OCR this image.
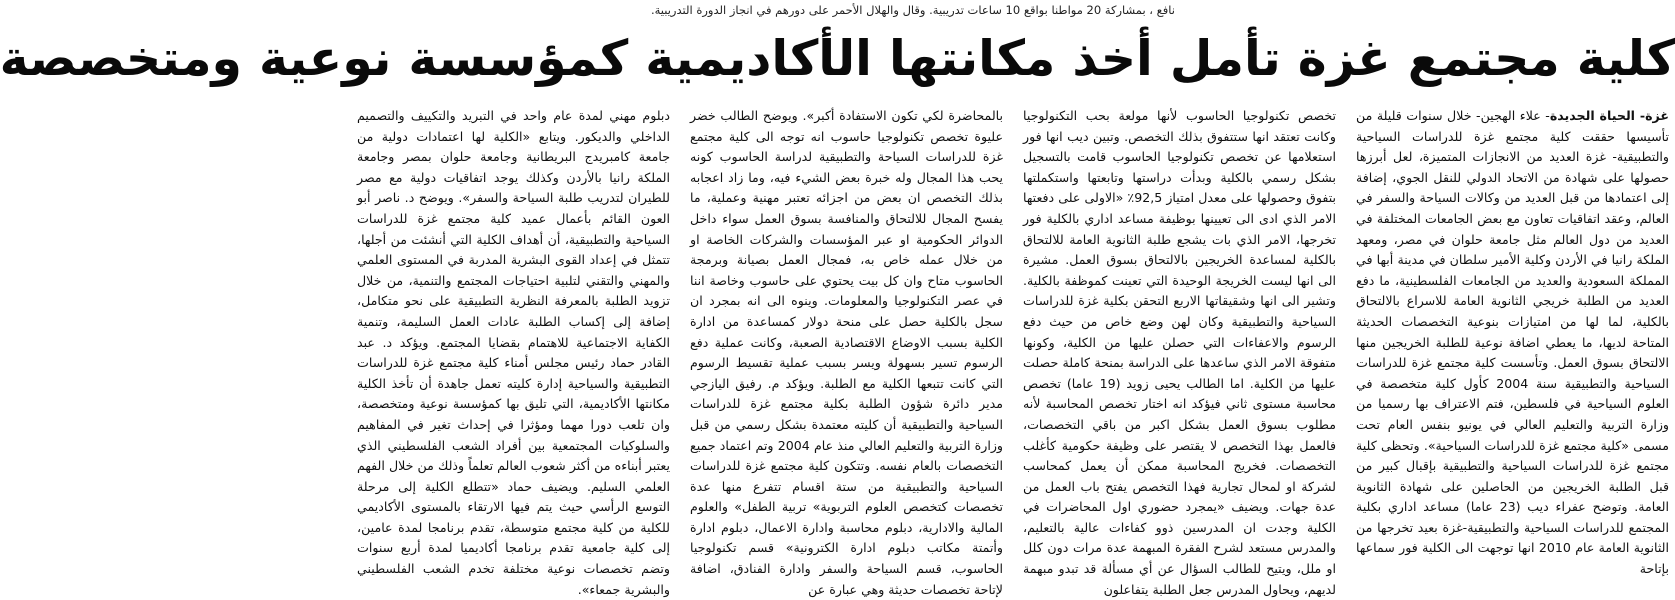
نافع ، بمشاركة 20 مواطنا بواقع 10 ساعات تدريبية. وقال والهلال الأحمر على دورهم في انجاز الدورة التدريبية.
كلية مجتمع غزة تأمل أخذ مكانتها الأكاديمية كمؤسسة نوعية ومتخصصة

غزة- الحياة الجديدة- علاء الهجين- خلال سنوات قليلة من تأسيسها حققت كلية مجتمع غزة للدراسات السياحية والتطبيقية- غزة العديد من الانجازات المتميزة، لعل أبرزها حصولها على شهادة من الاتحاد الدولي للنقل الجوي، إضافة إلى اعتمادها من قبل العديد من وكالات السياحة والسفر في العالم، وعقد اتفاقيات تعاون مع بعض الجامعات المختلفة في العديد من دول العالم مثل جامعة حلوان في مصر، ومعهد الملكة رانيا في الأردن وكلية الأمير سلطان في مدينة أبها في المملكة السعودية والعديد من الجامعات الفلسطينية، ما دفع العديد من الطلبة خريجي الثانوية العامة للاسراع بالالتحاق بالكلية، لما لها من امتيازات بنوعية التخصصات الحديثة المتاحة لديها، ما يعطي اضافة نوعية للطلبة الخريجين منها الالتحاق بسوق العمل. وتأسست كلية مجتمع غزة للدراسات السياحية والتطبيقية سنة 2004 كأول كلية متخصصة في العلوم السياحية في فلسطين، فتم الاعتراف بها رسميا من وزارة التربية والتعليم العالي في يونيو بنفس العام تحت مسمى «كلية مجتمع غزة للدراسات السياحية». وتحظى كلية مجتمع غزة للدراسات السياحية والتطبيقية بإقبال كبير من قبل الطلبة الخريجين من الحاصلين على شهادة الثانوية العامة. وتوضح عفراء ديب (23 عاما) مساعد اداري بكلية المجتمع للدراسات السياحية والتطبيقية-غزة بعيد تخرجها من الثانوية العامة عام 2010 انها توجهت الى الكلية فور سماعها بإتاحة

تخصص تكنولوجيا الحاسوب لأنها مولعة بحب التكنولوجيا وكانت تعتقد انها ستتفوق بذلك التخصص. وتبين ديب انها فور استعلامها عن تخصص تكنولوجيا الحاسوب قامت بالتسجيل بشكل رسمي بالكلية وبدأت دراستها وتابعتها واستكملتها بتفوق وحصولها على معدل امتياز 92,5٪ «الاولى على دفعتها الامر الذي ادى الى تعيينها بوظيفة مساعد اداري بالكلية فور تخرجها، الامر الذي بات يشجع طلبة الثانوية العامة للالتحاق بالكلية لمساعدة الخريجين بالالتحاق بسوق العمل. مشيرة الى انها ليست الخريجة الوحيدة التي تعينت كموظفة بالكلية. وتشير الى انها وشقيقاتها الاربع التحقن بكلية غزة للدراسات السياحية والتطبيقية وكان لهن وضع خاص من حيث دفع الرسوم والاعفاءات التي حصلن عليها من الكلية، وكونها متفوقة الامر الذي ساعدها على الدراسة بمنحة كاملة حصلت عليها من الكلية. اما الطالب يحيى زويد (19 عاما) تخصص محاسبة مستوى ثاني فيؤكد انه اختار تخصص المحاسبة لأنه مطلوب بسوق العمل بشكل اكبر من باقي التخصصات، فالعمل بهذا التخصص لا يقتصر على وظيفة حكومية كأغلب التخصصات. فخريج المحاسبة ممكن أن يعمل كمحاسب لشركة او لمحال تجارية فهذا التخصص يفتح باب العمل من عدة جهات. ويضيف «يمجرد حضوري اول المحاضرات في الكلية وجدت ان المدرسين ذوو كفاءات عالية بالتعليم، والمدرس مستعد لشرح الفقرة المبهمة عدة مرات دون كلل او ملل، ويتيح للطالب السؤال عن أي مسألة قد تبدو مبهمة لديهم، ويحاول المدرس جعل الطلبة يتفاعلون

بالمحاضرة لكي تكون الاستفادة أكبر». ويوضح الطالب خضر عليوة تخصص تكنولوجيا حاسوب انه توجه الى كلية مجتمع غزة للدراسات السياحة والتطبيقية لدراسة الحاسوب كونه يحب هذا المجال وله خبرة بعض الشيء فيه، وما زاد اعجابه بذلك التخصص ان بعض من اجزائه تعتبر مهنية وعملية، ما يفسح المجال للالتحاق والمنافسة بسوق العمل سواء داخل الدوائر الحكومية او عبر المؤسسات والشركات الخاصة او من خلال عمله خاص به، فمجال العمل بصيانة وبرمجة الحاسوب متاح وان كل بيت يحتوي على حاسوب وخاصة اننا في عصر التكنولوجيا والمعلومات. وينوه الى انه بمجرد ان سجل بالكلية حصل على منحة دولار كمساعدة من ادارة الكلية بسبب الاوضاع الاقتصادية الصعبة، وكانت عملية دفع الرسوم تسير بسهولة ويسر بسبب عملية تقسيط الرسوم التي كانت تتبعها الكلية مع الطلبة. ويؤكد م. رفيق اليازجي مدير دائرة شؤون الطلبة بكلية مجتمع غزة للدراسات السياحية والتطبيقية أن كليته معتمدة بشكل رسمي من قبل وزارة التربية والتعليم العالي منذ عام 2004 وتم اعتماد جميع التخصصات بالعام نفسه. وتتكون كلية مجتمع غزة للدراسات السياحية والتطبيقية من ستة اقسام تتفرع منها عدة تخصصات كتخصص العلوم التربوية» تربية الطفل» والعلوم المالية والادارية، دبلوم محاسبة وادارة الاعمال، دبلوم ادارة وأتمتة مكاتب دبلوم ادارة الكترونية» قسم تكنولوجيا الحاسوب، قسم السياحة والسفر وادارة الفنادق، اضافة لإتاحة تخصصات حديثة وهي عبارة عن

دبلوم مهني لمدة عام واحد في التبريد والتكييف والتصميم الداخلي والديكور. ويتابع «الكلية لها اعتمادات دولية من جامعة كامبريدج البريطانية وجامعة حلوان بمصر وجامعة الملكة رانيا بالأردن وكذلك يوجد اتفاقيات دولية مع مصر للطيران لتدريب طلبة السياحة والسفر». ويوضح د. ناصر أبو العون القائم بأعمال عميد كلية مجتمع غزة للدراسات السياحية والتطبيقية، أن أهداف الكلية التي أنشئت من أجلها، تتمثل في إعداد القوى البشرية المدربة في المستوى العلمي والمهني والتقني لتلبية احتياجات المجتمع والتنمية، من خلال تزويد الطلبة بالمعرفة النظرية التطبيقية على نحو متكامل، إضافة إلى إكساب الطلبة عادات العمل السليمة، وتنمية الكفاية الاجتماعية للاهتمام بقضايا المجتمع. ويؤكد د. عبد القادر حماد رئيس مجلس أمناء كلية مجتمع غزة للدراسات التطبيقية والسياحية إدارة كليته تعمل جاهدة أن تأخذ الكلية مكانتها الأكاديمية، التي تليق بها كمؤسسة نوعية ومتخصصة، وان تلعب دورا مهما ومؤثرا في إحداث تغير في المفاهيم والسلوكيات المجتمعية بين أفراد الشعب الفلسطيني الذي يعتبر أبناءه من أكثر شعوب العالم تعلماً وذلك من خلال الفهم العلمي السليم. ويضيف حماد «تتطلع الكلية إلى مرحلة التوسع الرأسي حيث يتم فيها الارتقاء بالمستوى الأكاديمي للكلية من كلية مجتمع متوسطة، تقدم برنامجا لمدة عامين، إلى كلية جامعية تقدم برنامجا أكاديميا لمدة أربع سنوات وتضم تخصصات نوعية مختلفة تخدم الشعب الفلسطيني والبشرية جمعاء».
